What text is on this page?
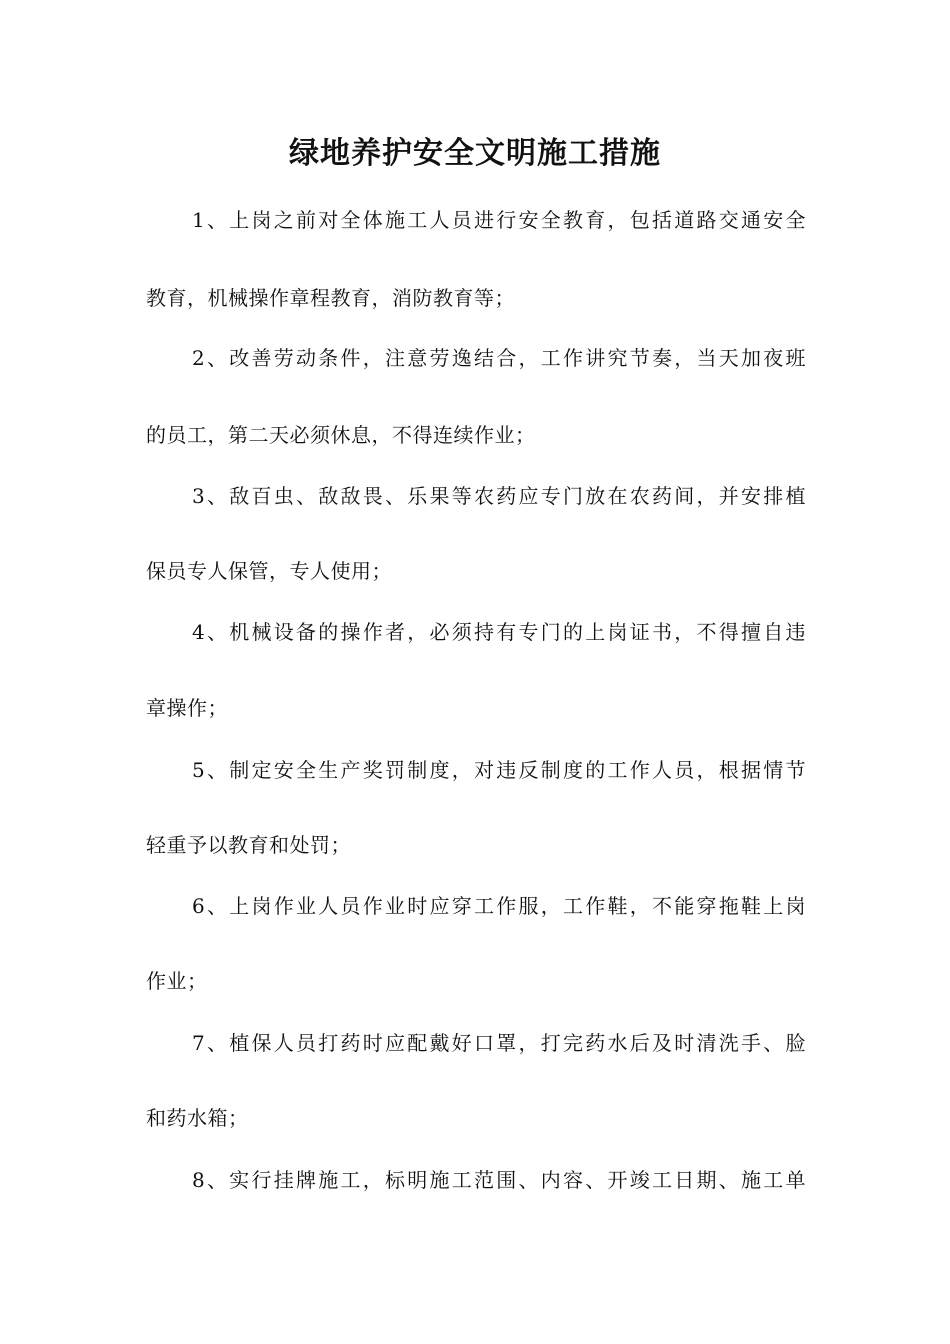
绿地养护安全文明施工措施

1、上岗之前对全体施工人员进行安全教育，包括道路交通安全

教育，机械操作章程教育，消防教育等；

2、改善劳动条件，注意劳逸结合，工作讲究节奏，当天加夜班

的员工，第二天必须休息，不得连续作业；

3、敌百虫、敌敌畏、乐果等农药应专门放在农药间，并安排植

保员专人保管，专人使用；

4、机械设备的操作者，必须持有专门的上岗证书，不得擅自违

章操作；

5、制定安全生产奖罚制度，对违反制度的工作人员，根据情节

轻重予以教育和处罚；

6、上岗作业人员作业时应穿工作服，工作鞋，不能穿拖鞋上岗

作业；

7、植保人员打药时应配戴好口罩，打完药水后及时清洗手、脸

和药水箱；

8、实行挂牌施工，标明施工范围、内容、开竣工日期、施工单
